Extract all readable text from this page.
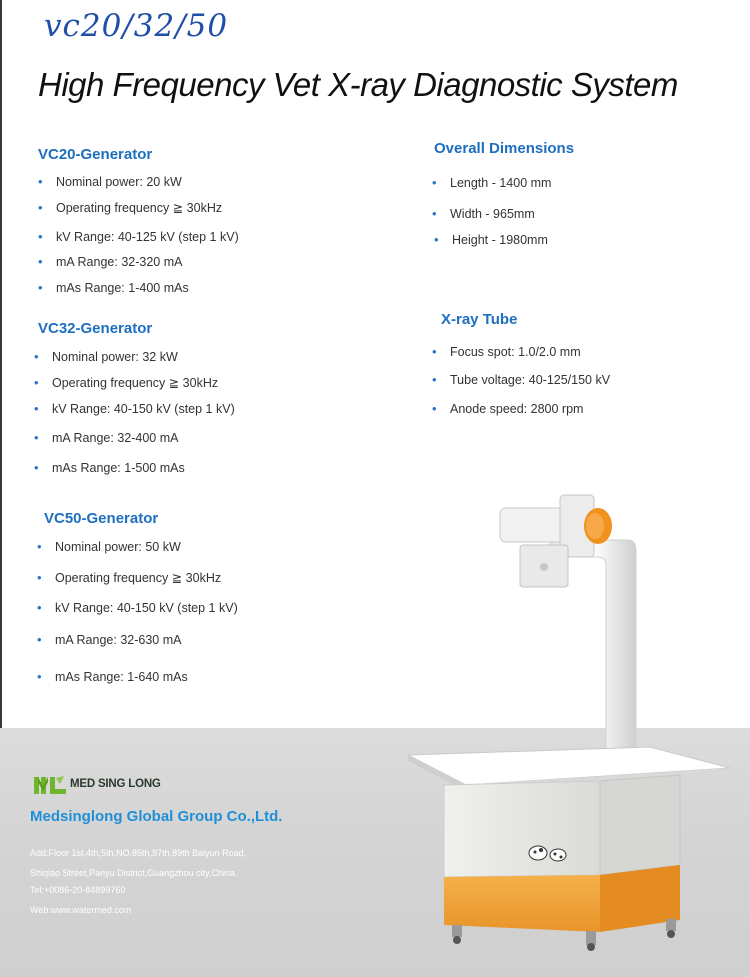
vc20/32/50
High Frequency Vet X-ray Diagnostic System
VC20-Generator
• Nominal power: 20 kW
• Operating frequency ≧ 30kHz
• kV Range: 40-125 kV (step 1 kV)
• mA Range: 32-320 mA
• mAs Range: 1-400 mAs
VC32-Generator
• Nominal power: 32 kW
• Operating frequency ≧ 30kHz
• kV Range: 40-150 kV (step 1 kV)
• mA Range: 32-400 mA
• mAs Range: 1-500 mAs
VC50-Generator
• Nominal power: 50 kW
• Operating frequency ≧ 30kHz
• kV Range: 40-150 kV (step 1 kV)
• mA Range: 32-630 mA
• mAs Range: 1-640 mAs
Overall Dimensions
• Length - 1400 mm
• Width - 965mm
• Height - 1980mm
X-ray Tube
• Focus spot: 1.0/2.0 mm
• Tube voltage: 40-125/150 kV
• Anode speed: 2800 rpm
MED SING LONG
Medsinglong Global Group Co.,Ltd.
Add:Floor 1st,4th,5th,NO.85th,87th,89th Baiyun Road,
Shiqiao Street,Panyu District,Guangzhou city,China.
Tel:+0086-20-84899760
Web:www.watermed.com
